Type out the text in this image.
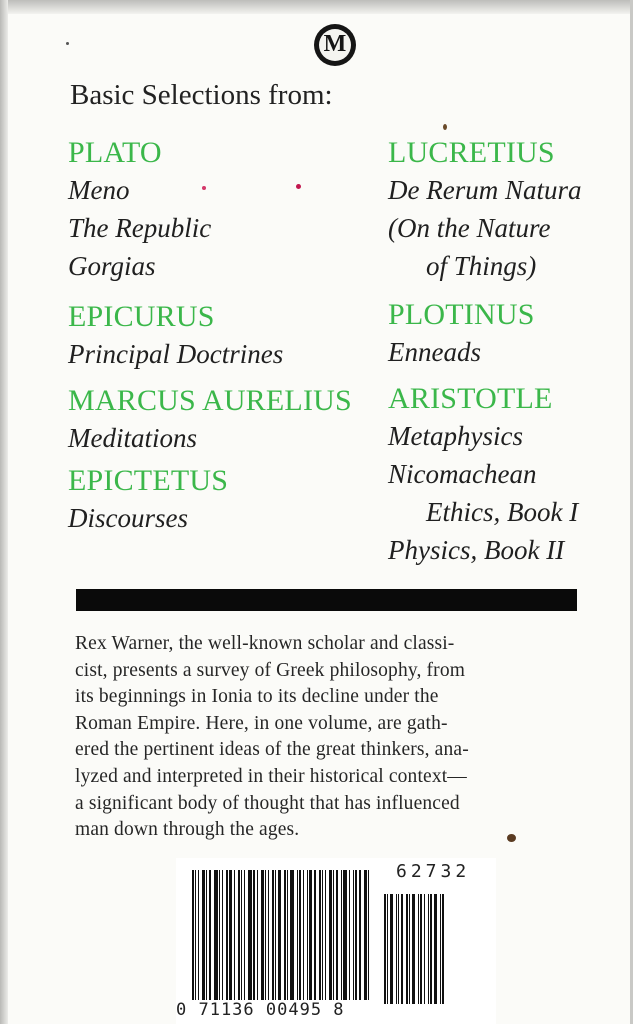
M
Basic Selections from:
PLATO
Meno
The Republic
Gorgias
EPICURUS
Principal Doctrines
MARCUS AURELIUS
Meditations
EPICTETUS
Discourses
LUCRETIUS
De Rerum Natura
(On the Nature
of Things)
PLOTINUS
Enneads
ARISTOTLE
Metaphysics
Nicomachean
Ethics, Book I
Physics, Book II
Rex Warner, the well-known scholar and classi-
cist, presents a survey of Greek philosophy, from
its beginnings in Ionia to its decline under the
Roman Empire. Here, in one volume, are gath-
ered the pertinent ideas of the great thinkers, ana-
lyzed and interpreted in their historical context—
a significant body of thought that has influenced
man down through the ages.
0 71136 00495 8
62732
